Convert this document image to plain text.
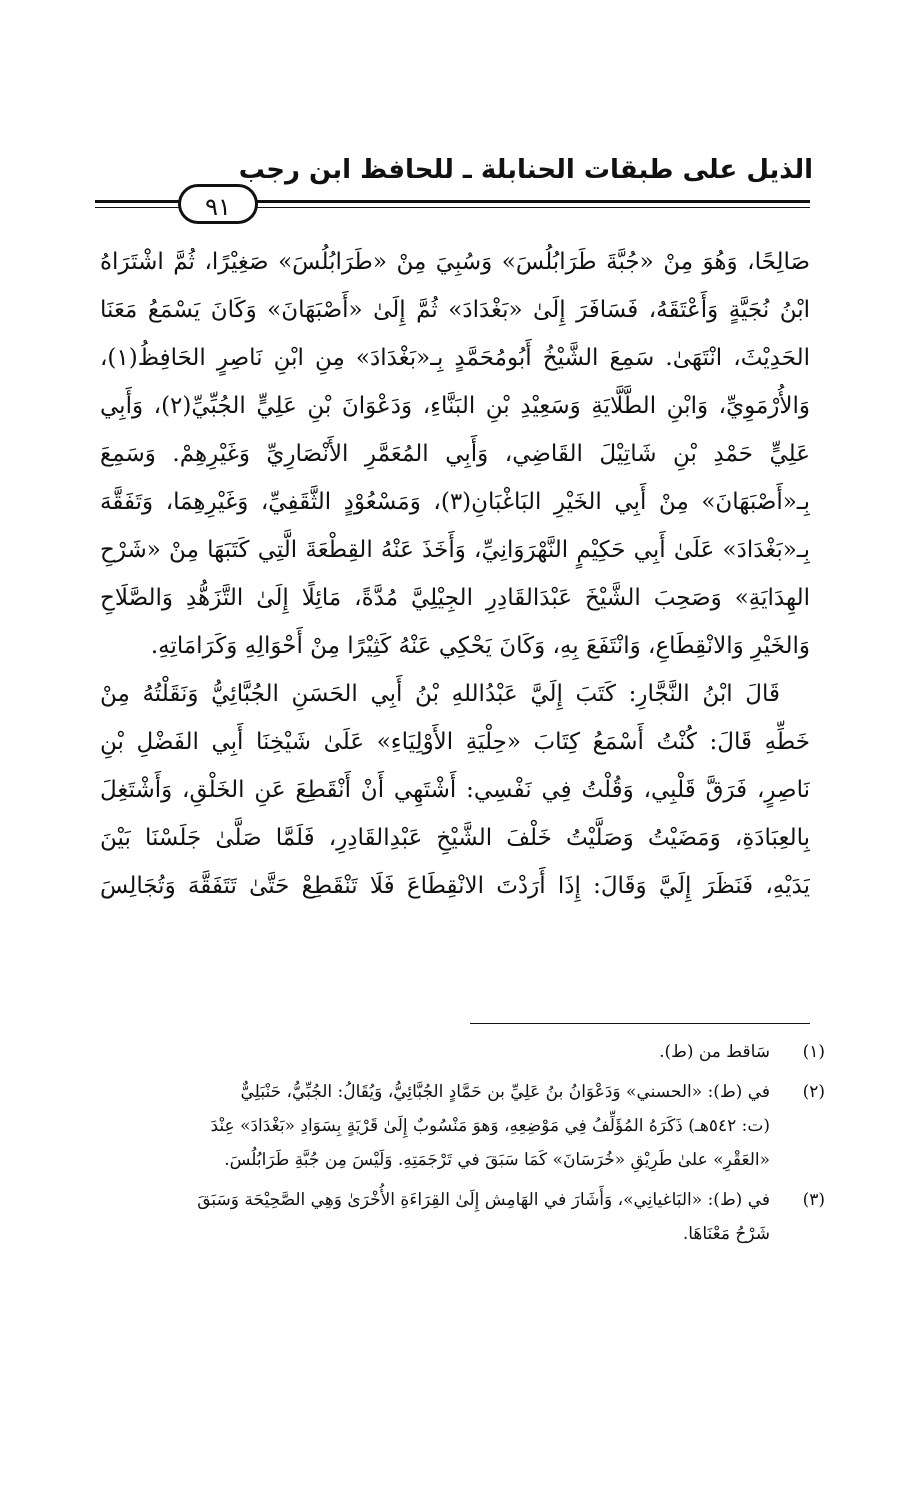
الذيل على طبقات الحنابلة ـ للحافظ ابن رجب
٩١
صَالِحًا، وَهُوَ مِنْ «جُبَّةَ طَرَابُلُسَ» وَسُبِيَ مِنْ «طَرَابُلُسَ» صَغِيْرًا، ثُمَّ اشْتَرَاهُ
ابْنُ نُجَيَّةٍ وَأَعْتَقَهُ، فَسَافَرَ إِلَىٰ «بَغْدَادَ» ثُمَّ إِلَىٰ «أَصْبَهَانَ» وَكَانَ يَسْمَعُ مَعَنَا
الحَدِيْثَ، انْتَهَىٰ. سَمِعَ الشَّيْخُ أَبُومُحَمَّدٍ بِـ«بَغْدَادَ» مِنِ ابْنِ نَاصِرٍ الحَافِظُ(١)،
وَالأُرْمَوِيِّ، وَابْنِ الطَّلَّايَةِ وَسَعِيْدِ بْنِ البَنَّاءِ، وَدَعْوَانَ بْنِ عَلِيٍّ الجُبِّيِّ(٢)، وَأَبِي
عَلِيٍّ حَمْدِ بْنِ شَاتِيْلَ القَاضِي، وَأَبِي المُعَمَّرِ الأَنْصَارِيِّ وَغَيْرِهِمْ. وَسَمِعَ
بِـ«أَصْبَهَانَ» مِنْ أَبِي الخَيْرِ البَاغْبَانِ(٣)، وَمَسْعُوْدٍ الثَّقَفِيِّ، وَغَيْرِهِمَا، وَتَفَقَّهَ
بِـ«بَغْدَادَ» عَلَىٰ أَبِي حَكِيْمٍ النَّهْرَوَانِيِّ، وَأَخَذَ عَنْهُ القِطْعَةَ الَّتِي كَتَبَهَا مِنْ «شَرْحِ
الهِدَايَةِ» وَصَحِبَ الشَّيْخَ عَبْدَالقَادِرِ الجِيْلِيَّ مُدَّةً، مَائِلًا إِلَىٰ التَّزَهُّدِ وَالصَّلَاحِ
وَالخَيْرِ وَالانْقِطَاعِ، وَانْتَفَعَ بِهِ، وَكَانَ يَحْكِي عَنْهُ كَثِيْرًا مِنْ أَحْوَالِهِ وَكَرَامَاتِهِ.
قَالَ ابْنُ النَّجَّارِ: كَتَبَ إِلَيَّ عَبْدُاللهِ بْنُ أَبِي الحَسَنِ الجُبَّائِيُّ وَنَقَلْتُهُ مِنْ
خَطِّهِ قَالَ: كُنْتُ أَسْمَعُ كِتَابَ «حِلْيَةِ الأَوْلِيَاءِ» عَلَىٰ شَيْخِنَا أَبِي الفَضْلِ بْنِ
نَاصِرٍ، فَرَقَّ قَلْبِي، وَقُلْتُ فِي نَفْسِي: أَشْتَهِي أَنْ أَنْقَطِعَ عَنِ الخَلْقِ، وَأَشْتَغِلَ
بِالعِبَادَةِ، وَمَضَيْتُ وَصَلَّيْتُ خَلْفَ الشَّيْخِ عَبْدِالقَادِرِ، فَلَمَّا صَلَّىٰ جَلَسْنَا بَيْنَ
يَدَيْهِ، فَنَظَرَ إِلَيَّ وَقَالَ: إِذَا أَرَدْتَ الانْقِطَاعَ فَلَا تَنْقَطِعْ حَتَّىٰ تَتَفَقَّهَ وَتُجَالِسَ
(١)
سَاقط من (ط).
(٢)
في (ط): «الحسني» وَدَعْوَانُ بنُ عَلِيِّ بن حَمَّادٍ الجُبَّائِيُّ، وَيُقَالُ: الجُبِّيُّ، حَنْبَلِيٌّ
(ت: ٥٤٢هـ) ذَكَرَهُ المُؤَلِّفُ فِي مَوْضِعِهِ، وَهوَ مَنْسُوبٌ إِلَىٰ قَرْيَةٍ بِسَوَادِ «بَغْدَادَ» عِنْدَ
«العَقْرِ» علىٰ طَرِيْقِ «خُرَسَانَ» كَمَا سَبَقَ في تَرْجَمَتِهِ. وَلَيْسَ مِن جُبَّةِ طَرَابُلُسَ.
(٣)
في (ط): «البَاغيانِي»، وَأَشَارَ في الهَامِش إِلَىٰ القِرَاءَةِ الأُخْرَىٰ وَهِي الصَّحِيْحَة وَسَبَقَ
شَرْحُ مَعْنَاهَا.
